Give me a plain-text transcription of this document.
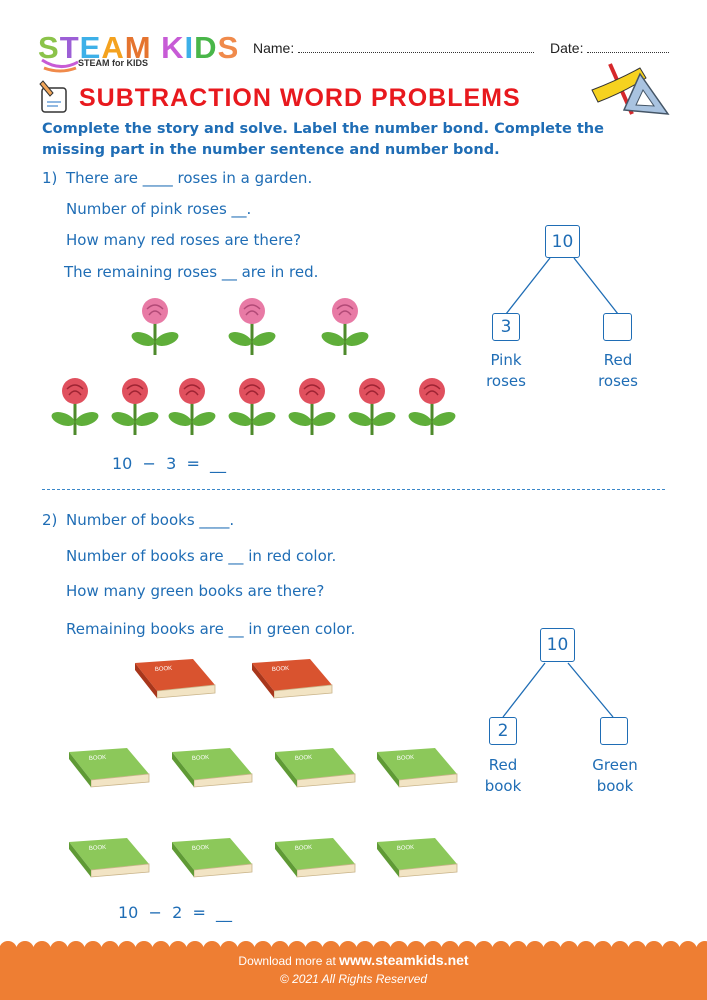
STEAM KIDS
STEAM for KIDS
Name:	Date:
SUBTRACTION WORD PROBLEMS
Complete the story and solve. Label the number bond. Complete the missing part in the number sentence and number bond.
1) There are ____ roses in a garden.
Number of pink roses __.
How many red roses are there?
The remaining roses __ are in red.
10  −  3  =  __
10
3
Pink
roses
Red
roses
2) Number of books ____.
Number of books are __ in red color.
How many green books are there?
Remaining books are __ in green color.
BOOK	BOOK
BOOK
BOOK
BOOK
BOOK
BOOK
BOOK
BOOK
BOOK
10  −  2  =  __
10
2
Red
book
Green
book
Download more at www.steamkids.net
© 2021 All Rights Reserved
